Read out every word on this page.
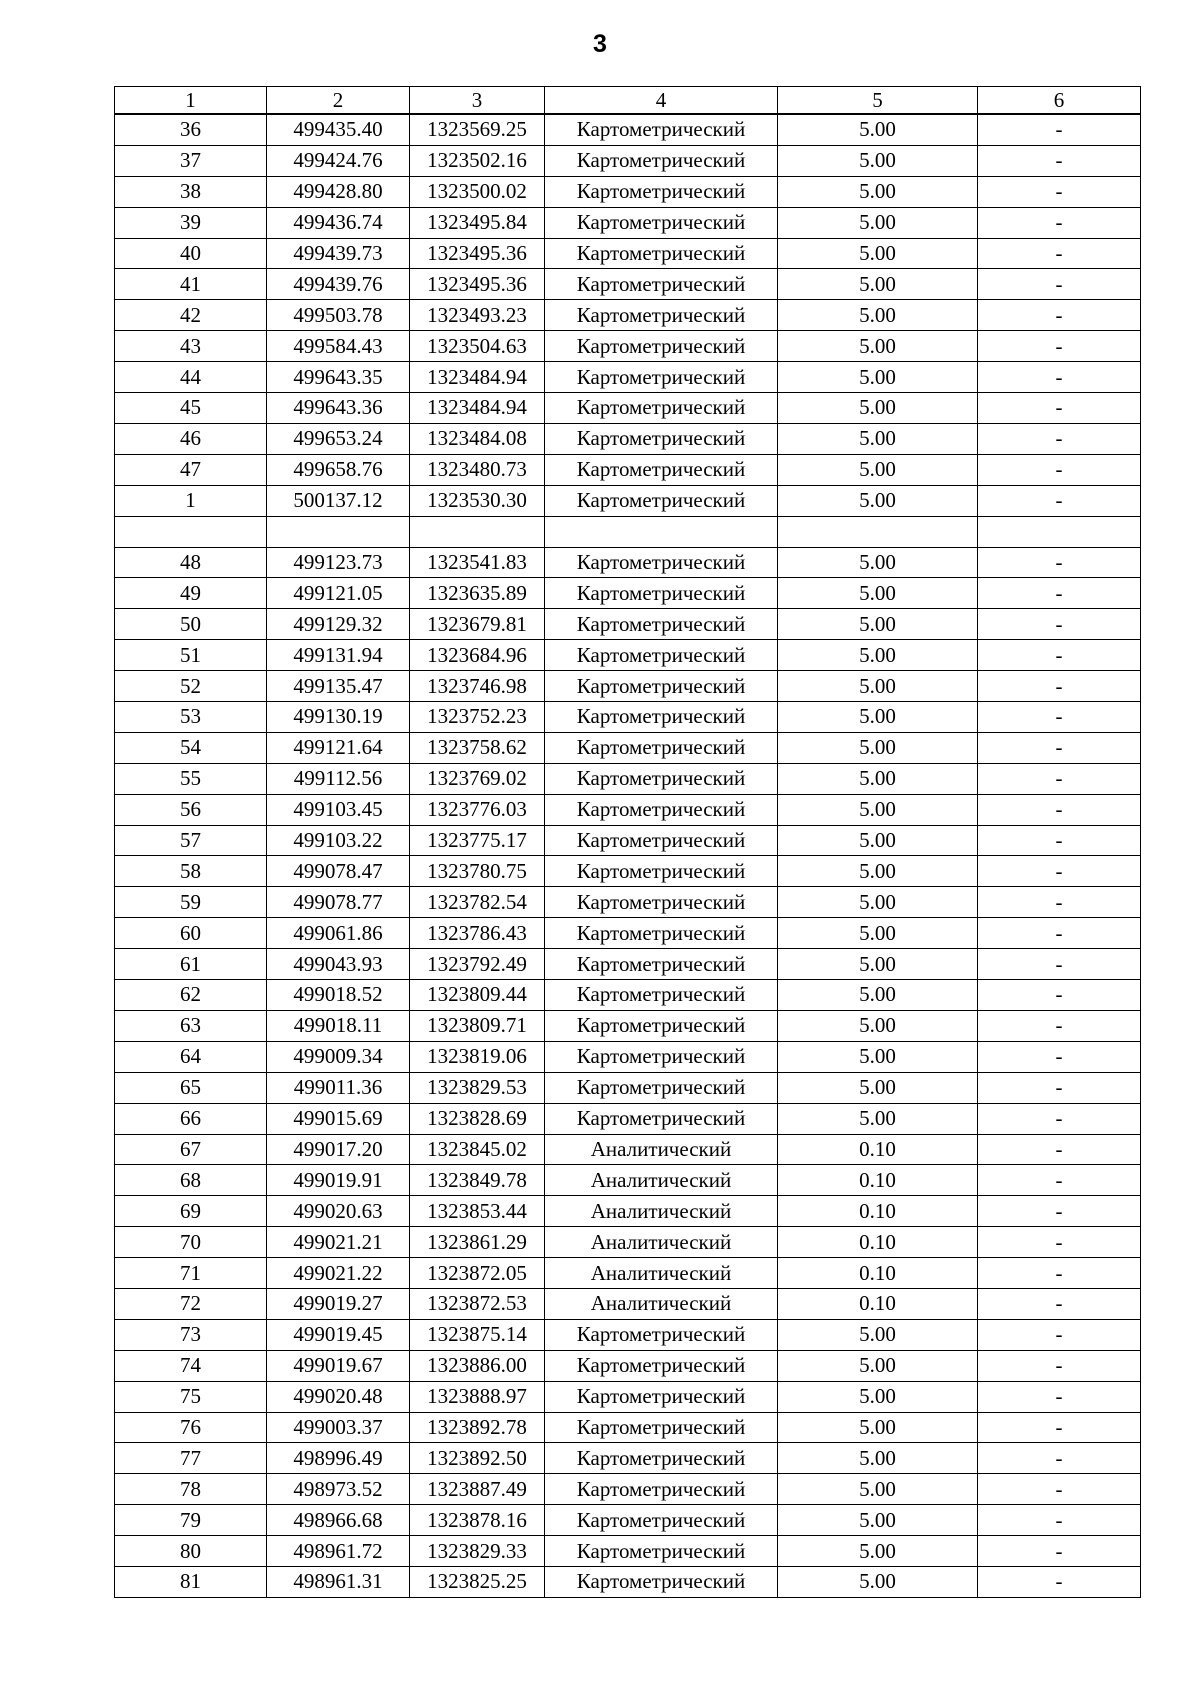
3
1	2	3	4	5	6
36	499435.40	1323569.25	Картометрический	5.00	-
37	499424.76	1323502.16	Картометрический	5.00	-
38	499428.80	1323500.02	Картометрический	5.00	-
39	499436.74	1323495.84	Картометрический	5.00	-
40	499439.73	1323495.36	Картометрический	5.00	-
41	499439.76	1323495.36	Картометрический	5.00	-
42	499503.78	1323493.23	Картометрический	5.00	-
43	499584.43	1323504.63	Картометрический	5.00	-
44	499643.35	1323484.94	Картометрический	5.00	-
45	499643.36	1323484.94	Картометрический	5.00	-
46	499653.24	1323484.08	Картометрический	5.00	-
47	499658.76	1323480.73	Картометрический	5.00	-
1	500137.12	1323530.30	Картометрический	5.00	-

48	499123.73	1323541.83	Картометрический	5.00	-
49	499121.05	1323635.89	Картометрический	5.00	-
50	499129.32	1323679.81	Картометрический	5.00	-
51	499131.94	1323684.96	Картометрический	5.00	-
52	499135.47	1323746.98	Картометрический	5.00	-
53	499130.19	1323752.23	Картометрический	5.00	-
54	499121.64	1323758.62	Картометрический	5.00	-
55	499112.56	1323769.02	Картометрический	5.00	-
56	499103.45	1323776.03	Картометрический	5.00	-
57	499103.22	1323775.17	Картометрический	5.00	-
58	499078.47	1323780.75	Картометрический	5.00	-
59	499078.77	1323782.54	Картометрический	5.00	-
60	499061.86	1323786.43	Картометрический	5.00	-
61	499043.93	1323792.49	Картометрический	5.00	-
62	499018.52	1323809.44	Картометрический	5.00	-
63	499018.11	1323809.71	Картометрический	5.00	-
64	499009.34	1323819.06	Картометрический	5.00	-
65	499011.36	1323829.53	Картометрический	5.00	-
66	499015.69	1323828.69	Картометрический	5.00	-
67	499017.20	1323845.02	Аналитический	0.10	-
68	499019.91	1323849.78	Аналитический	0.10	-
69	499020.63	1323853.44	Аналитический	0.10	-
70	499021.21	1323861.29	Аналитический	0.10	-
71	499021.22	1323872.05	Аналитический	0.10	-
72	499019.27	1323872.53	Аналитический	0.10	-
73	499019.45	1323875.14	Картометрический	5.00	-
74	499019.67	1323886.00	Картометрический	5.00	-
75	499020.48	1323888.97	Картометрический	5.00	-
76	499003.37	1323892.78	Картометрический	5.00	-
77	498996.49	1323892.50	Картометрический	5.00	-
78	498973.52	1323887.49	Картометрический	5.00	-
79	498966.68	1323878.16	Картометрический	5.00	-
80	498961.72	1323829.33	Картометрический	5.00	-
81	498961.31	1323825.25	Картометрический	5.00	-
